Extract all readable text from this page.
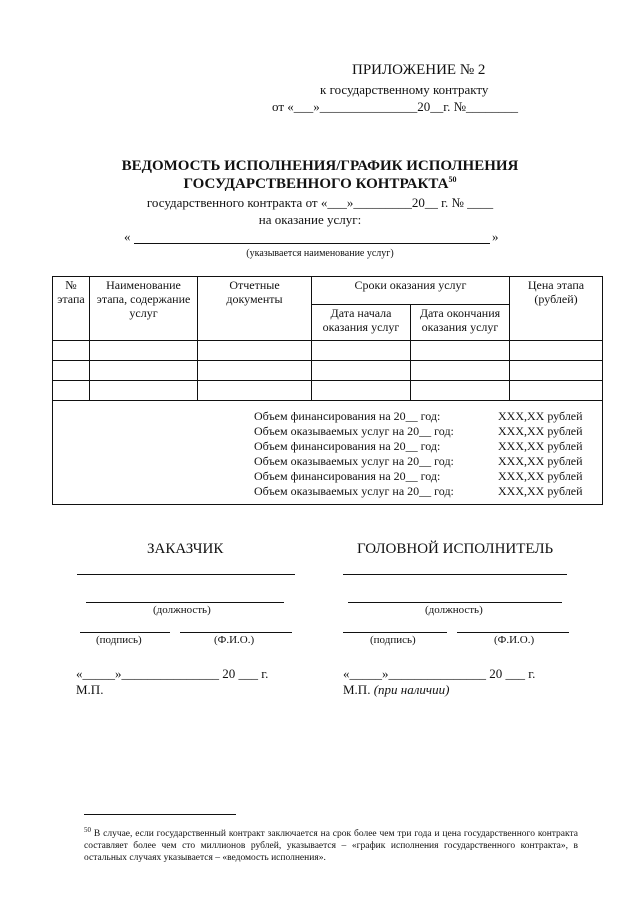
ПРИЛОЖЕНИЕ № 2
к государственному контракту
от «___»_______________20__г. №________
ВЕДОМОСТЬ ИСПОЛНЕНИЯ/ГРАФИК ИСПОЛНЕНИЯ
ГОСУДАРСТВЕННОГО КОНТРАКТА$^{50}$
государственного контракта от «___»_________20__ г. № ____
на оказание услуг:
«	»
(указывается наименование услуг)
№ этапа	Наименование этапа, содержание услуг	Отчетные документы	Сроки оказания услуг		Цена этапа (рублей)
			Дата начала оказания услуг	Дата окончания оказания услуг	

Объем финансирования на 20__ год:	XXX,XX рублей
Объем оказываемых услуг на 20__ год:	XXX,XX рублей
Объем финансирования на 20__ год:	XXX,XX рублей
Объем оказываемых услуг на 20__ год:	XXX,XX рублей
Объем финансирования на 20__ год:	XXX,XX рублей
Объем оказываемых услуг на 20__ год:	XXX,XX рублей
ЗАКАЗЧИК
(должность)
(подпись)	(Ф.И.О.)
«_____»_______________ 20 ___ г.
М.П.
ГОЛОВНОЙ ИСПОЛНИТЕЛЬ
(должность)
(подпись)	(Ф.И.О.)
«_____»_______________ 20 ___ г.
М.П. (при наличии)
$^{50}$ В случае, если государственный контракт заключается на срок более чем три года и цена государственного контракта составляет более чем сто миллионов рублей, указывается – «график исполнения государственного контракта», в остальных случаях указывается – «ведомость исполнения».
